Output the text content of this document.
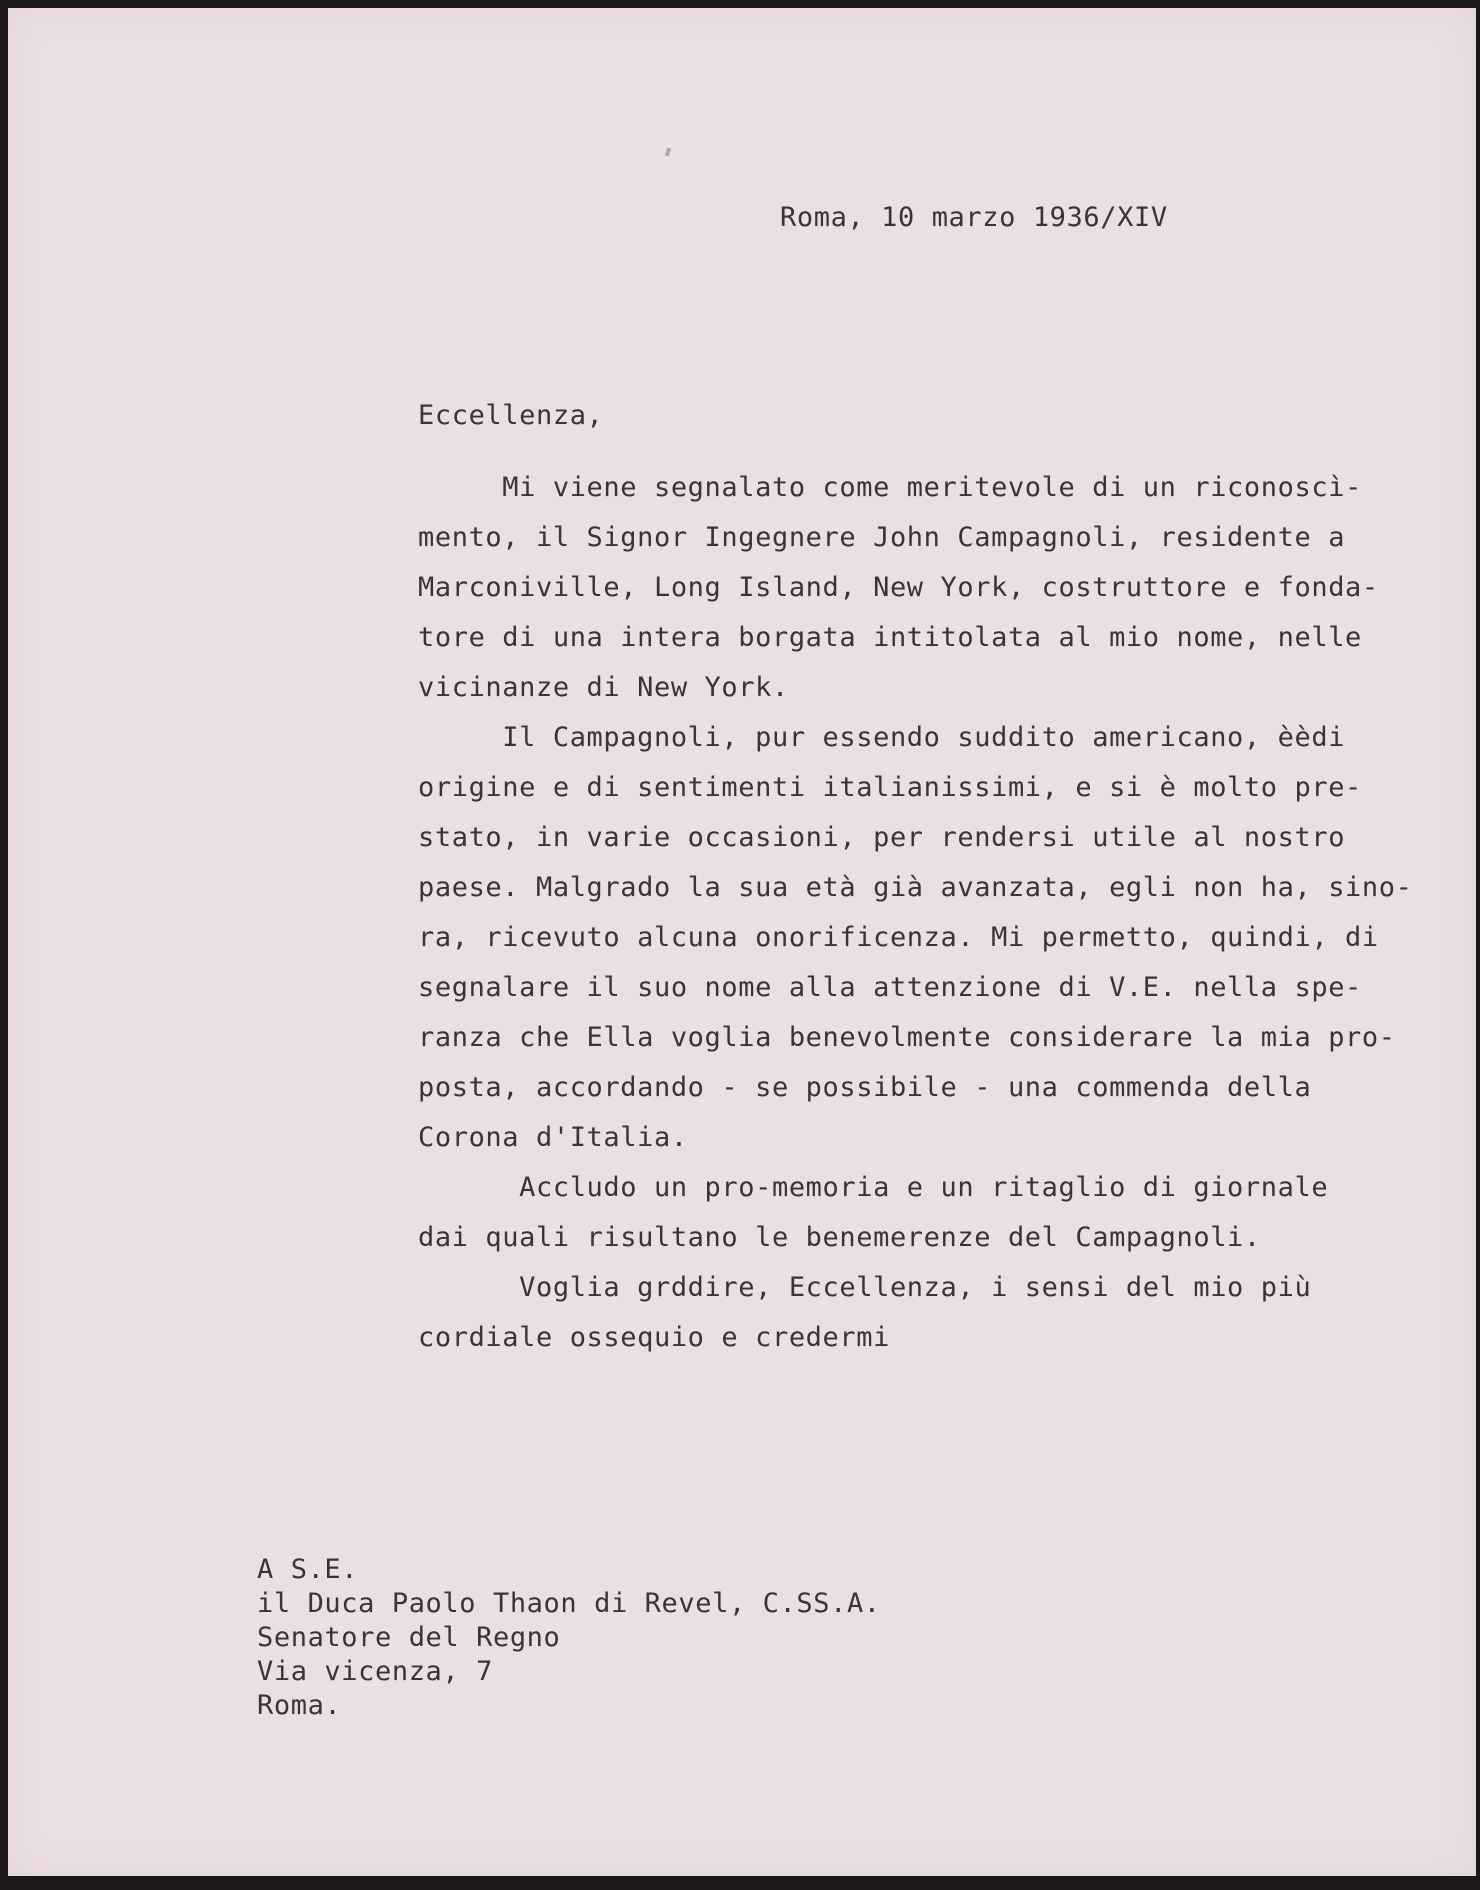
Roma, 10 marzo 1936/XIV

Eccellenza,

Mi viene segnalato come meritevole di un riconoscì-

mento, il Signor Ingegnere John Campagnoli, residente a

Marconiville, Long Island, New York, costruttore e fonda-

tore di una intera borgata intitolata al mio nome, nelle

vicinanze di New York.

Il Campagnoli, pur essendo suddito americano, èèdi

origine e di sentimenti italianissimi, e si è molto pre-

stato, in varie occasioni, per rendersi utile al nostro

paese. Malgrado la sua età già avanzata, egli non ha, sino-

ra, ricevuto alcuna onorificenza. Mi permetto, quindi, di

segnalare il suo nome alla attenzione di V.E. nella spe-

ranza che Ella voglia benevolmente considerare la mia pro-

posta, accordando - se possibile - una commenda della

Corona d'Italia.

Accludo un pro-memoria e un ritaglio di giornale

dai quali risultano le benemerenze del Campagnoli.

Voglia grddire, Eccellenza, i sensi del mio più

cordiale ossequio e credermi

A S.E.

il Duca Paolo Thaon di Revel, C.SS.A.

Senatore del Regno

Via vicenza, 7

Roma.
